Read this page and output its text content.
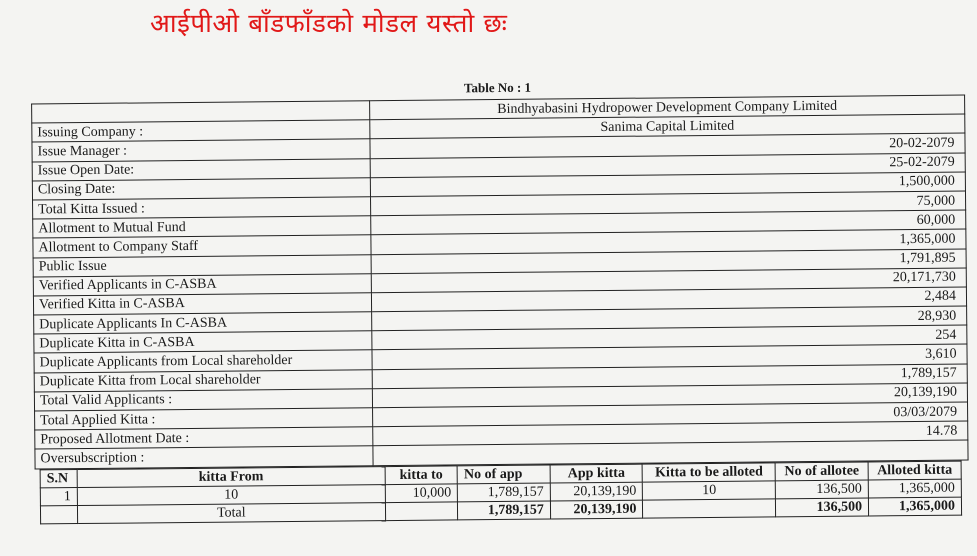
आईपीओ बाँडफाँडको मोडल यस्तो छः
Table No : 1
	Bindhyabasini Hydropower Development Company Limited
Issuing Company :	Sanima Capital Limited
Issue Manager :	20-02-2079
Issue Open Date:	25-02-2079
Closing Date:	1,500,000
Total Kitta Issued :	75,000
Allotment to Mutual Fund	60,000
Allotment to Company Staff	1,365,000
Public Issue	1,791,895
Verified Applicants in C-ASBA	20,171,730
Verified Kitta in C-ASBA	2,484
Duplicate Applicants In C-ASBA	28,930
Duplicate Kitta in C-ASBA	254
Duplicate Applicants from Local shareholder	3,610
Duplicate Kitta from Local shareholder	1,789,157
Total Valid Applicants :	20,139,190
Total Applied Kitta :	03/03/2079
Proposed Allotment Date :	14.78
Oversubscription :	
S.N	kitta From	kitta to	No of app	App kitta	Kitta to be alloted	No of allotee	Alloted kitta
1	10	10,000	1,789,157	20,139,190	10	136,500	1,365,000
	Total		1,789,157	20,139,190		136,500	1,365,000
